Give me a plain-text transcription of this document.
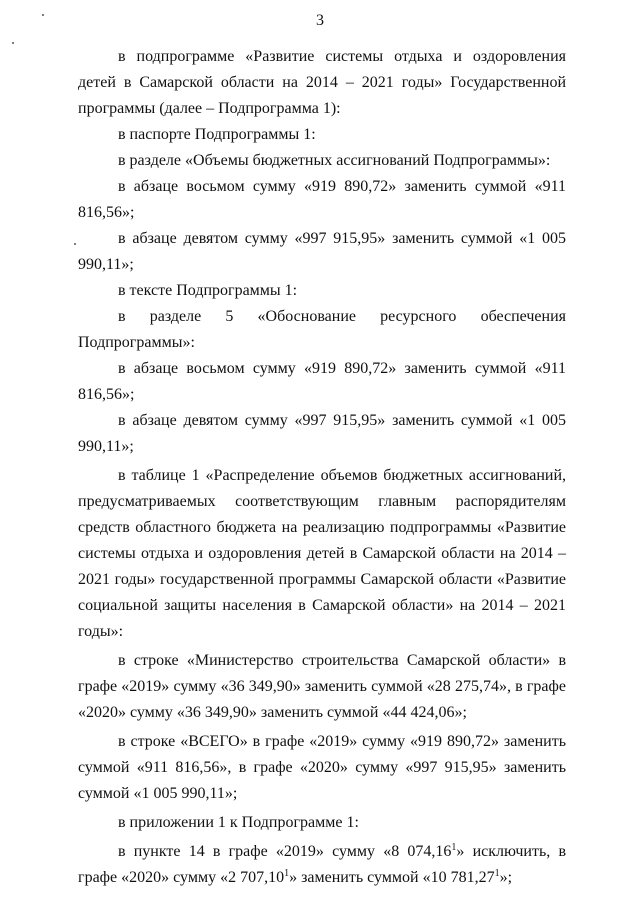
3

в подпрограмме «Развитие системы отдыха и оздоровления детей в Самарской области на 2014 – 2021 годы» Государственной программы (далее – Подпрограмма 1):

в паспорте Подпрограммы 1:

в разделе «Объемы бюджетных ассигнований Подпрограммы»:

в абзаце восьмом сумму «919 890,72» заменить суммой «911 816,56»;

в абзаце девятом сумму «997 915,95» заменить суммой «1 005 990,11»;

в тексте Подпрограммы 1:

в разделе 5 «Обоснование ресурсного обеспечения Подпрограммы»:

в абзаце восьмом сумму «919 890,72» заменить суммой «911 816,56»;

в абзаце девятом сумму «997 915,95» заменить суммой «1 005 990,11»;

в таблице 1 «Распределение объемов бюджетных ассигнований, предусматриваемых соответствующим главным распорядителям средств областного бюджета на реализацию подпрограммы «Развитие системы отдыха и оздоровления детей в Самарской области на 2014 – 2021 годы» государственной программы Самарской области «Развитие социальной защиты населения в Самарской области» на 2014 – 2021 годы»:

в строке «Министерство строительства Самарской области» в графе «2019» сумму «36 349,90» заменить суммой «28 275,74», в графе «2020» сумму «36 349,90» заменить суммой «44 424,06»;

в строке «ВСЕГО» в графе «2019» сумму «919 890,72» заменить суммой «911 816,56», в графе «2020» сумму «997 915,95» заменить суммой «1 005 990,11»;

в приложении 1 к Подпрограмме 1:

в пункте 14 в графе «2019» сумму «8 074,16$^1$» исключить, в графе «2020» сумму «2 707,10$^1$» заменить суммой «10 781,27$^1$»;
